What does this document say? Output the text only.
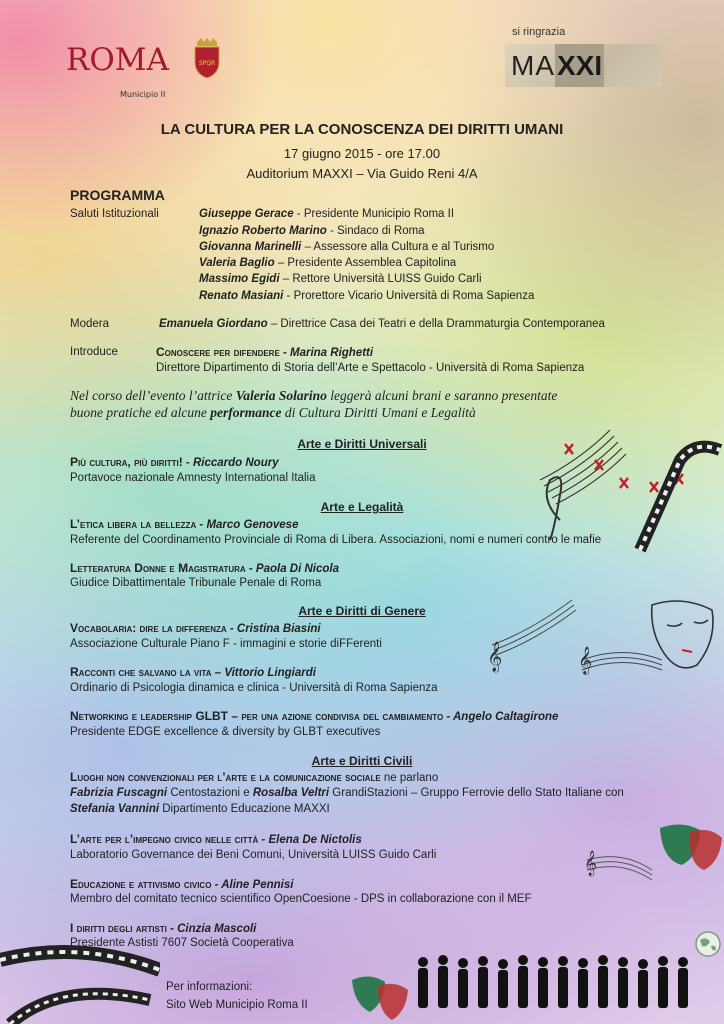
ROMA	SPQR
Municipio II
si ringrazia
MAXXI
LA CULTURA PER LA CONOSCENZA DEI DIRITTI UMANI
17 giugno 2015 - ore 17.00
Auditorium MAXXI – Via Guido Reni 4/A
PROGRAMMA
Saluti Istituzionali	Giuseppe Gerace - Presidente Municipio Roma II
Ignazio Roberto Marino - Sindaco di Roma
Giovanna Marinelli – Assessore alla Cultura e al Turismo
Valeria Baglio – Presidente Assemblea Capitolina
Massimo Egidi – Rettore Università LUISS Guido Carli
Renato Masiani - Prorettore Vicario Università di Roma Sapienza
Modera	Emanuela Giordano – Direttrice Casa dei Teatri e della Drammaturgia Contemporanea
Introduce	Conoscere per difendere - Marina Righetti
Direttore Dipartimento di Storia dell’Arte e Spettacolo - Università di Roma Sapienza
Nel corso dell’evento l’attrice Valeria Solarino leggerà alcuni brani e saranno presentate
buone pratiche ed alcune performance di Cultura Diritti Umani e Legalità
Arte e Diritti Universali
Più cultura, più diritti! - Riccardo Noury
Portavoce nazionale Amnesty International Italia
Arte e Legalità
L’etica libera la bellezza - Marco Genovese
Referente del Coordinamento Provinciale di Roma di Libera. Associazioni, nomi e numeri contro le mafie
Letteratura Donne e Magistratura - Paola Di Nicola
Giudice Dibattimentale Tribunale Penale di Roma
Arte e Diritti di Genere
Vocabolaria: dire la differenza - Cristina Biasini
Associazione Culturale Piano F - immagini e storie diFFerenti
Racconti che salvano la vita – Vittorio Lingiardi
Ordinario di Psicologia dinamica e clinica - Università di Roma Sapienza
Networking e leadership GLBT – per una azione condivisa del cambiamento - Angelo Caltagirone
Presidente EDGE excellence & diversity by GLBT executives
Arte e Diritti Civili
Luoghi non convenzionali per l’arte e la comunicazione sociale ne parlano
Fabrizia Fuscagni Centostazioni e Rosalba Veltri GrandiStazioni – Gruppo Ferrovie dello Stato Italiane con
Stefania Vannini Dipartimento Educazione MAXXI
L’arte per l’impegno civico nelle città - Elena De Nictolis
Laboratorio Governance dei Beni Comuni, Università LUISS Guido Carli
Educazione e attivismo civico - Aline Pennisi
Membro del comitato tecnico scientifico OpenCoesione - DPS in collaborazione con il MEF
I diritti degli artisti - Cinzia Mascoli
Presidente Astisti 7607 Società Cooperativa
Per informazioni:
Sito Web Municipio Roma II
𝄞	𝄞
𝄞
